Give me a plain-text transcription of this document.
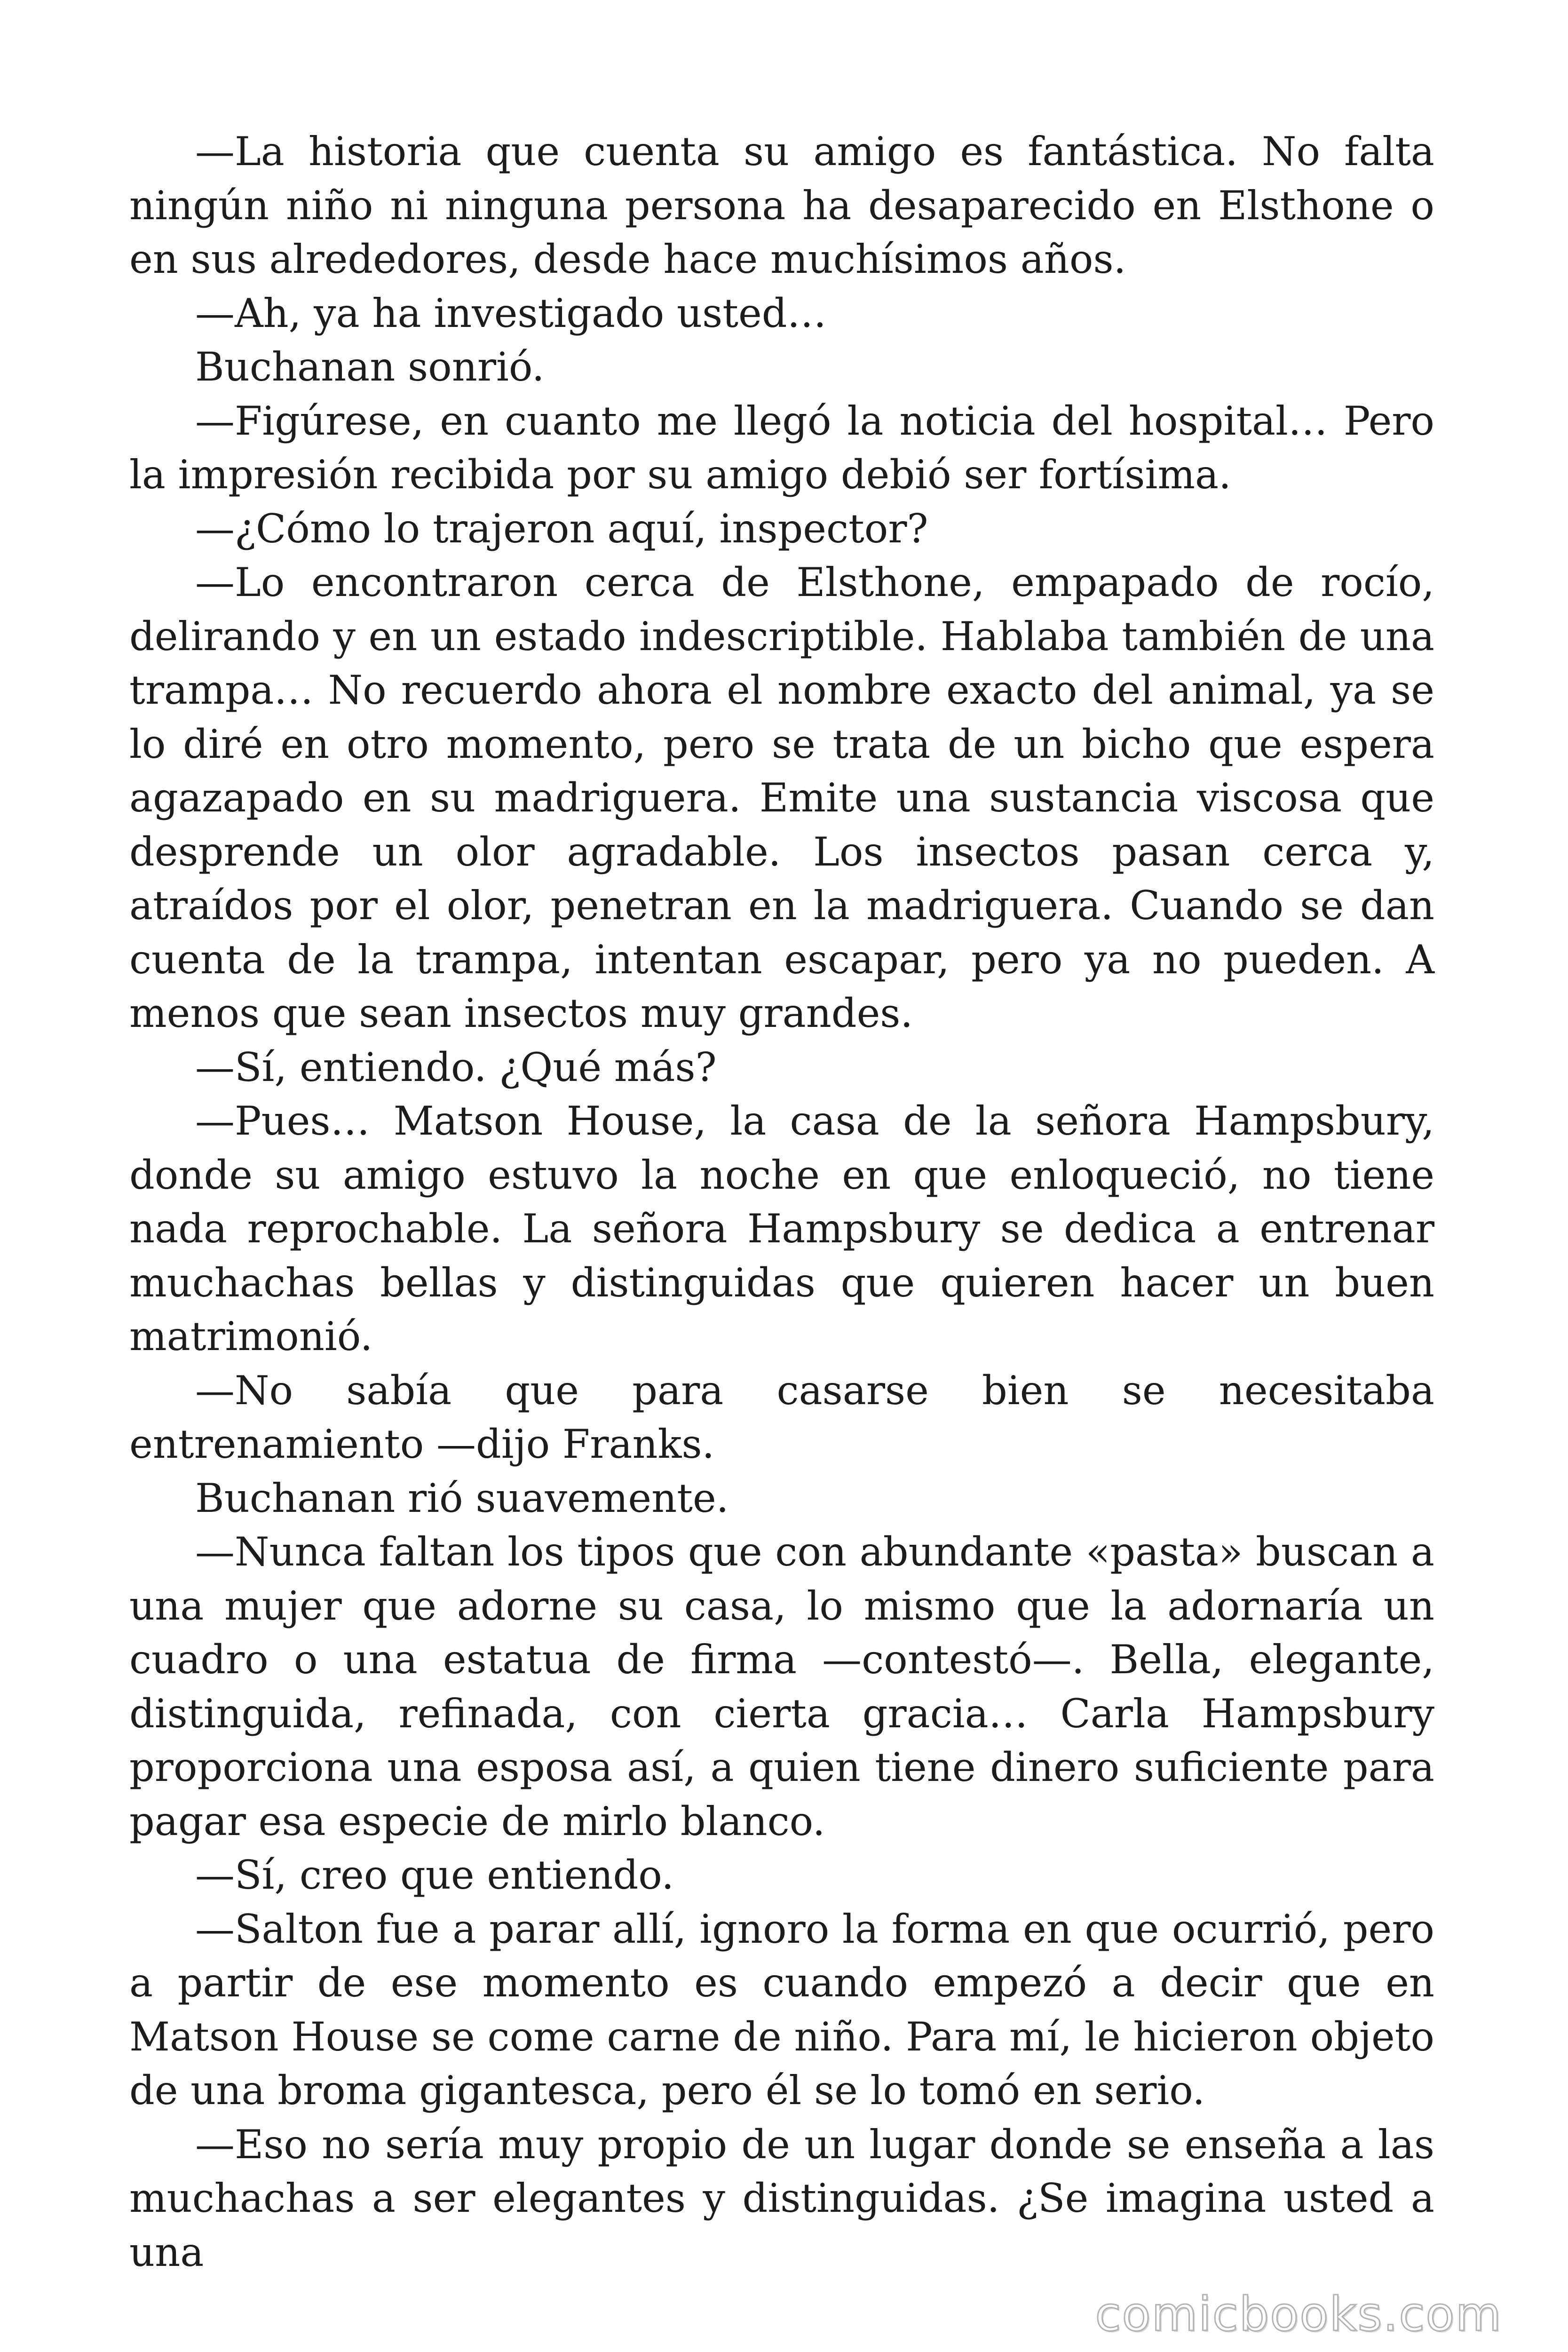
—La historia que cuenta su amigo es fantástica. No falta ningún niño ni ninguna persona ha desaparecido en Elsthone o en sus alrededores, desde hace muchísimos años.

—Ah, ya ha investigado usted…

Buchanan sonrió.

—Figúrese, en cuanto me llegó la noticia del hospital… Pero la impresión recibida por su amigo debió ser fortísima.

—¿Cómo lo trajeron aquí, inspector?

—Lo encontraron cerca de Elsthone, empapado de rocío, delirando y en un estado indescriptible. Hablaba también de una trampa… No recuerdo ahora el nombre exacto del animal, ya se lo diré en otro momento, pero se trata de un bicho que espera agazapado en su madriguera. Emite una sustancia viscosa que desprende un olor agradable. Los insectos pasan cerca y, atraídos por el olor, penetran en la madriguera. Cuando se dan cuenta de la trampa, intentan escapar, pero ya no pueden. A menos que sean insectos muy grandes.

—Sí, entiendo. ¿Qué más?

—Pues… Matson House, la casa de la señora Hampsbury, donde su amigo estuvo la noche en que enloqueció, no tiene nada reprochable. La señora Hampsbury se dedica a entrenar muchachas bellas y distinguidas que quieren hacer un buen matrimonió.

—No sabía que para casarse bien se necesitaba entrenamiento —dijo Franks.

Buchanan rió suavemente.

—Nunca faltan los tipos que con abundante «pasta» buscan a una mujer que adorne su casa, lo mismo que la adornaría un cuadro o una estatua de firma —contestó—. Bella, elegante, distinguida, refinada, con cierta gracia… Carla Hampsbury proporciona una esposa así, a quien tiene dinero suficiente para pagar esa especie de mirlo blanco.

—Sí, creo que entiendo.

—Salton fue a parar allí, ignoro la forma en que ocurrió, pero a partir de ese momento es cuando empezó a decir que en Matson House se come carne de niño. Para mí, le hicieron objeto de una broma gigantesca, pero él se lo tomó en serio.

—Eso no sería muy propio de un lugar donde se enseña a las muchachas a ser elegantes y distinguidas. ¿Se imagina usted a una

comicbooks.com
